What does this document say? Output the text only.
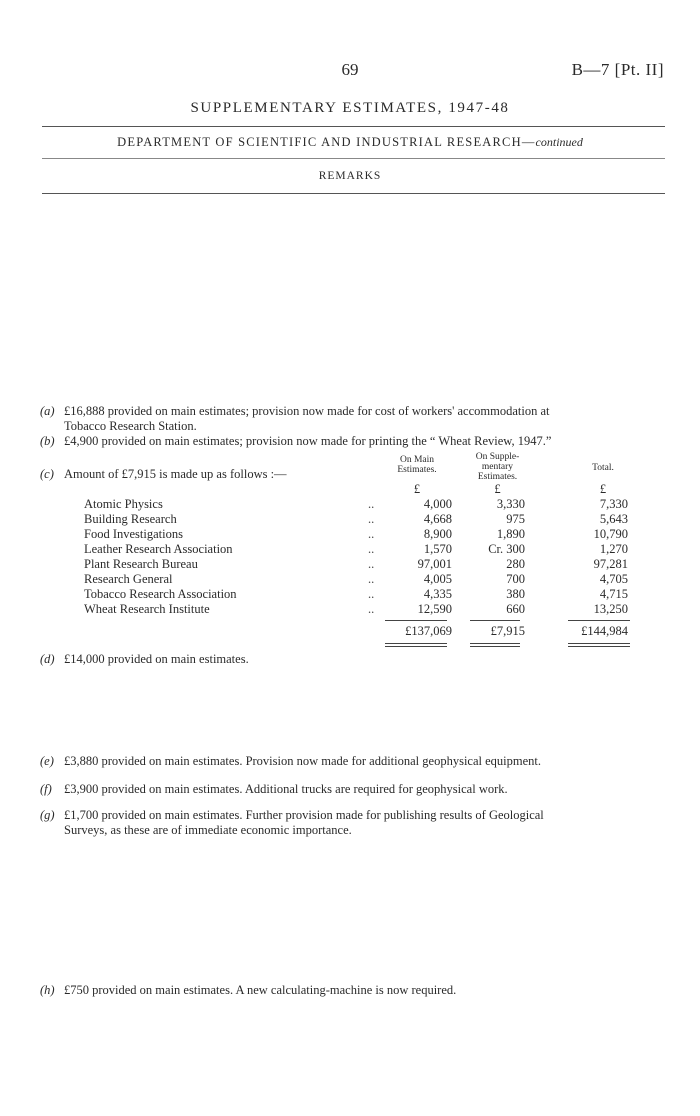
69	B—7 [Pt. II]
SUPPLEMENTARY ESTIMATES, 1947-48
DEPARTMENT OF SCIENTIFIC AND INDUSTRIAL RESEARCH—continued
REMARKS
(a) £16,888 provided on main estimates; provision now made for cost of workers' accommodation at
Tobacco Research Station.
(b) £4,900 provided on main estimates; provision now made for printing the “ Wheat Review, 1947.”
(c) Amount of £7,915 is made up as follows :—
On Main
Estimates.
On Supple-
mentary
Estimates.
Total.
£	£	£
Atomic Physics	..	4,000	3,330	7,330
Building Research	..	4,668	975	5,643
Food Investigations	..	8,900	1,890	10,790
Leather Research Association	..	1,570	Cr. 300	1,270
Plant Research Bureau	..	97,001	280	97,281
Research General	..	4,005	700	4,705
Tobacco Research Association	..	4,335	380	4,715
Wheat Research Institute	..	12,590	660	13,250
£137,069	£7,915	£144,984
(d) £14,000 provided on main estimates.
(e) £3,880 provided on main estimates. Provision now made for additional geophysical equipment.
(f) £3,900 provided on main estimates. Additional trucks are required for geophysical work.
(g) £1,700 provided on main estimates. Further provision made for publishing results of Geological
Surveys, as these are of immediate economic importance.
(h) £750 provided on main estimates. A new calculating-machine is now required.
